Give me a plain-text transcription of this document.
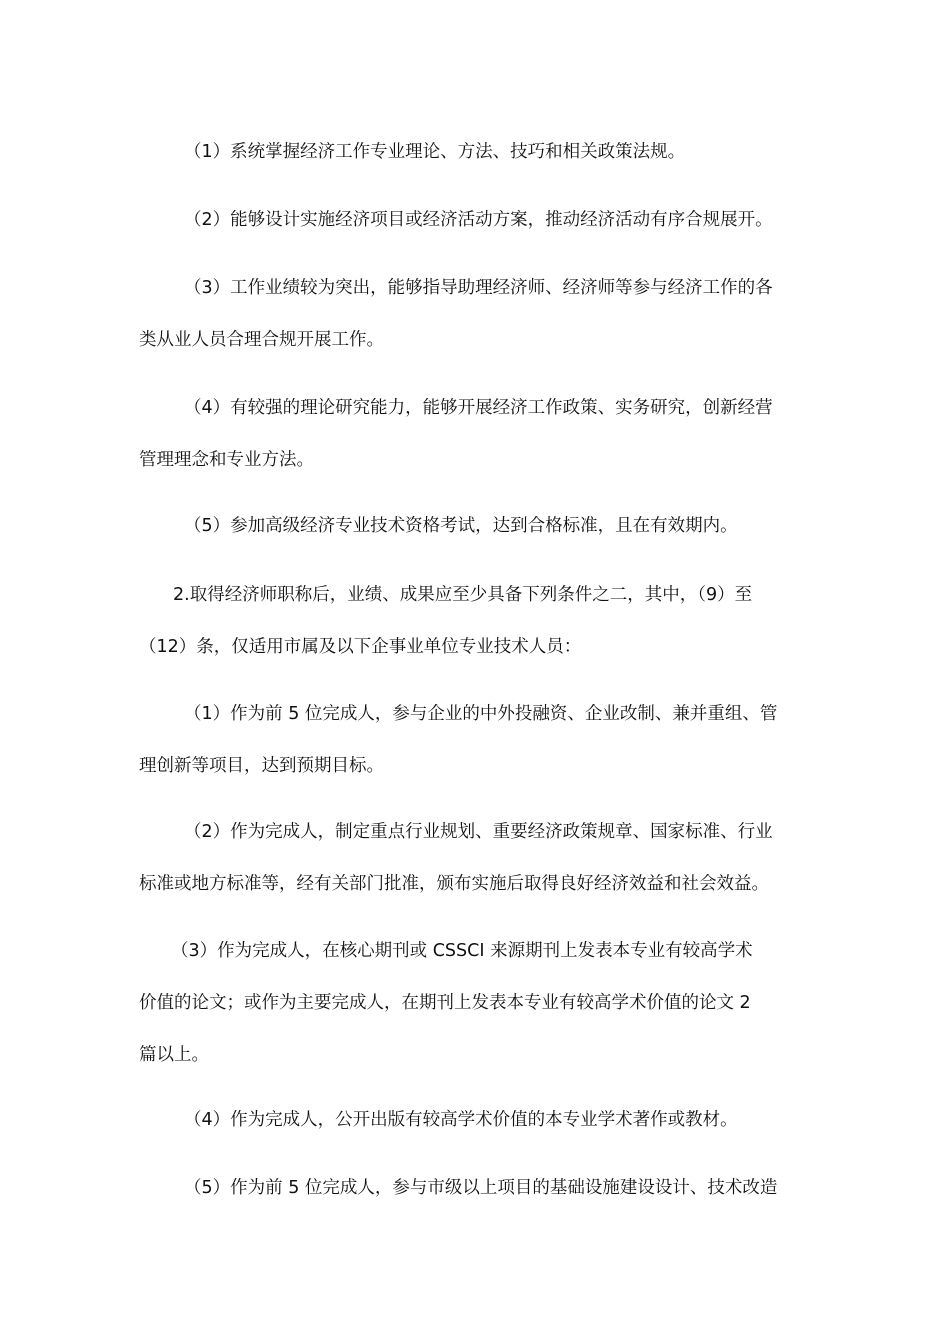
（1）系统掌握经济工作专业理论、方法、技巧和相关政策法规。

（2）能够设计实施经济项目或经济活动方案，推动经济活动有序合规展开。

（3）工作业绩较为突出，能够指导助理经济师、经济师等参与经济工作的各
类从业人员合理合规开展工作。

（4）有较强的理论研究能力，能够开展经济工作政策、实务研究，创新经营
管理理念和专业方法。

（5）参加高级经济专业技术资格考试，达到合格标准，且在有效期内。

2.取得经济师职称后，业绩、成果应至少具备下列条件之二，其中，（9）至
（12）条，仅适用市属及以下企事业单位专业技术人员：

（1）作为前 5 位完成人，参与企业的中外投融资、企业改制、兼并重组、管
理创新等项目，达到预期目标。

（2）作为完成人，制定重点行业规划、重要经济政策规章、国家标准、行业
标准或地方标准等，经有关部门批准，颁布实施后取得良好经济效益和社会效益。

（3）作为完成人，在核心期刊或 CSSCI 来源期刊上发表本专业有较高学术
价值的论文；或作为主要完成人，在期刊上发表本专业有较高学术价值的论文 2
篇以上。

（4）作为完成人，公开出版有较高学术价值的本专业学术著作或教材。

（5）作为前 5 位完成人，参与市级以上项目的基础设施建设设计、技术改造
